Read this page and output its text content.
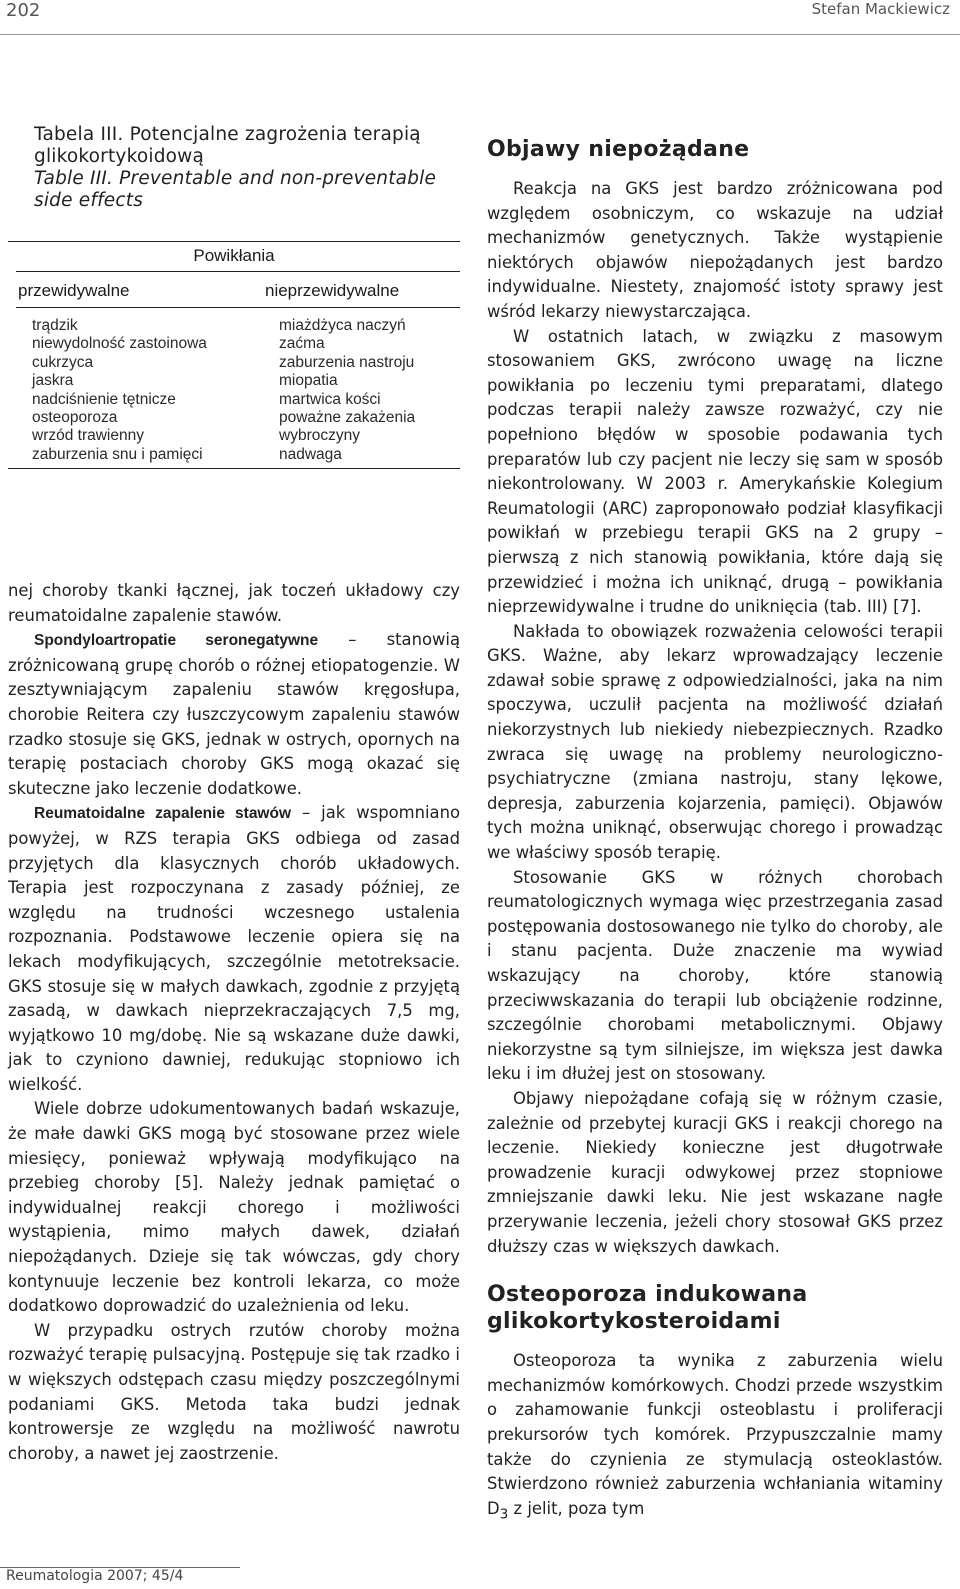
202	Stefan Mackiewicz
Tabela III. Potencjalne zagrożenia terapią glikokortykoidową
Table III. Preventable and non-preventable side effects
Powikłania
przewidywalne	nieprzewidywalne
trądzik
niewydolność zastoinowa
cukrzyca
jaskra
nadciśnienie tętnicze
osteoporoza
wrzód trawienny
zaburzenia snu i pamięci
miażdżyca naczyń
zaćma
zaburzenia nastroju
miopatia
martwica kości
poważne zakażenia
wybroczyny
nadwaga

nej choroby tkanki łącznej, jak toczeń układowy czy reumatoidalne zapalenie stawów.

Spondyloartropatie seronegatywne – stanowią zróżnicowaną grupę chorób o różnej etiopatogenzie. W zesztywniającym zapaleniu stawów kręgosłupa, chorobie Reitera czy łuszczycowym zapaleniu stawów rzadko stosuje się GKS, jednak w ostrych, opornych na terapię postaciach choroby GKS mogą okazać się skuteczne jako leczenie dodatkowe.

Reumatoidalne zapalenie stawów – jak wspomniano powyżej, w RZS terapia GKS odbiega od zasad przyjętych dla klasycznych chorób układowych. Terapia jest rozpoczynana z zasady później, ze względu na trudności wczesnego ustalenia rozpoznania. Podstawowe leczenie opiera się na lekach modyfikujących, szczególnie metotreksacie. GKS stosuje się w małych dawkach, zgodnie z przyjętą zasadą, w dawkach nieprzekraczających 7,5 mg, wyjątkowo 10 mg/dobę. Nie są wskazane duże dawki, jak to czyniono dawniej, redukując stopniowo ich wielkość.

Wiele dobrze udokumentowanych badań wskazuje, że małe dawki GKS mogą być stosowane przez wiele miesięcy, ponieważ wpływają modyfikująco na przebieg choroby [5]. Należy jednak pamiętać o indywidualnej reakcji chorego i możliwości wystąpienia, mimo małych dawek, działań niepożądanych. Dzieje się tak wówczas, gdy chory kontynuuje leczenie bez kontroli lekarza, co może dodatkowo doprowadzić do uzależnienia od leku.

W przypadku ostrych rzutów choroby można rozważyć terapię pulsacyjną. Postępuje się tak rzadko i w większych odstępach czasu między poszczególnymi podaniami GKS. Metoda taka budzi jednak kontrowersje ze względu na możliwość nawrotu choroby, a nawet jej zaostrzenie.

Objawy niepożądane

Reakcja na GKS jest bardzo zróżnicowana pod względem osobniczym, co wskazuje na udział mechanizmów genetycznych. Także wystąpienie niektórych objawów niepożądanych jest bardzo indywidualne. Niestety, znajomość istoty sprawy jest wśród lekarzy niewystarczająca.

W ostatnich latach, w związku z masowym stosowaniem GKS, zwrócono uwagę na liczne powikłania po leczeniu tymi preparatami, dlatego podczas terapii należy zawsze rozważyć, czy nie popełniono błędów w sposobie podawania tych preparatów lub czy pacjent nie leczy się sam w sposób niekontrolowany. W 2003 r. Amerykańskie Kolegium Reumatologii (ARC) zaproponowało podział klasyfikacji powikłań w przebiegu terapii GKS na 2 grupy – pierwszą z nich stanowią powikłania, które dają się przewidzieć i można ich uniknąć, drugą – powikłania nieprzewidywalne i trudne do uniknięcia (tab. III) [7].

Nakłada to obowiązek rozważenia celowości terapii GKS. Ważne, aby lekarz wprowadzający leczenie zdawał sobie sprawę z odpowiedzialności, jaka na nim spoczywa, uczulił pacjenta na możliwość działań niekorzystnych lub niekiedy niebezpiecznych. Rzadko zwraca się uwagę na problemy neurologiczno-psychiatryczne (zmiana nastroju, stany lękowe, depresja, zaburzenia kojarzenia, pamięci). Objawów tych można uniknąć, obserwując chorego i prowadząc we właściwy sposób terapię.

Stosowanie GKS w różnych chorobach reumatologicznych wymaga więc przestrzegania zasad postępowania dostosowanego nie tylko do choroby, ale i stanu pacjenta. Duże znaczenie ma wywiad wskazujący na choroby, które stanowią przeciwwskazania do terapii lub obciążenie rodzinne, szczególnie chorobami metabolicznymi. Objawy niekorzystne są tym silniejsze, im większa jest dawka leku i im dłużej jest on stosowany.

Objawy niepożądane cofają się w różnym czasie, zależnie od przebytej kuracji GKS i reakcji chorego na leczenie. Niekiedy konieczne jest długotrwałe prowadzenie kuracji odwykowej przez stopniowe zmniejszanie dawki leku. Nie jest wskazane nagłe przerywanie leczenia, jeżeli chory stosował GKS przez dłuższy czas w większych dawkach.

Osteoporoza indukowana glikokortykosteroidami

Osteoporoza ta wynika z zaburzenia wielu mechanizmów komórkowych. Chodzi przede wszystkim o zahamowanie funkcji osteoblastu i proliferacji prekursorów tych komórek. Przypuszczalnie mamy także do czynienia ze stymulacją osteoklastów. Stwierdzono również zaburzenia wchłaniania witaminy $D_3$ z jelit, poza tym

Reumatologia 2007; 45/4
